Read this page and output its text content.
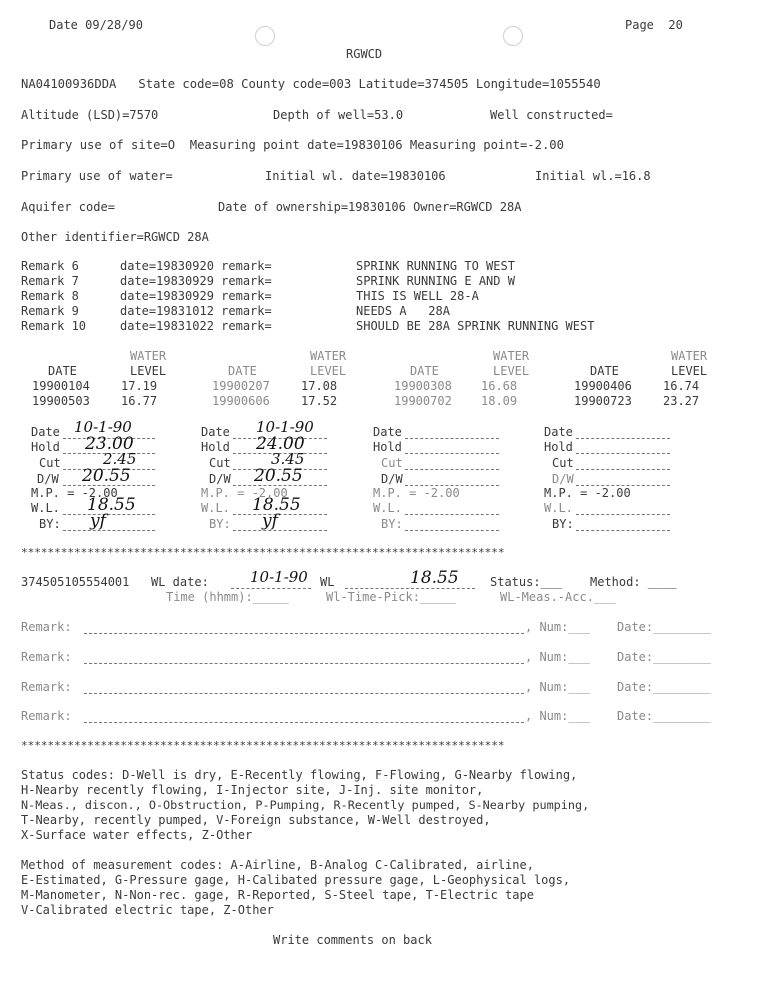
Date 09/28/90	Page  20
RGWCD
NA04100936DDA   State code=08 County code=003 Latitude=374505 Longitude=1055540
Altitude (LSD)=7570	Depth of well=53.0	Well constructed=
Primary use of site=O  Measuring point date=19830106 Measuring point=-2.00
Primary use of water=	Initial wl. date=19830106	Initial wl.=16.8
Aquifer code=	Date of ownership=19830106 Owner=RGWCD 28A
Other identifier=RGWCD 28A
Remark 6	date=19830920 remark=	SPRINK RUNNING TO WEST
Remark 7	date=19830929 remark=	SPRINK RUNNING E AND W
Remark 8	date=19830929 remark=	THIS IS WELL 28-A
Remark 9	date=19831012 remark=	NEEDS A   28A
Remark 10	date=19831022 remark=	SHOULD BE 28A SPRINK RUNNING WEST
WATER	WATER	WATER	WATER
DATE	LEVEL	DATE	LEVEL	DATE	LEVEL	DATE	LEVEL
19900104	17.19	19900207	17.08	19900308 16.68	19900406	16.74
19900503	16.77	19900606	17.52	19900702 18.09	19900723	23.27
Date 10-1-90
Hold 23.00
Cut	2.45
D/W 20.55
M.P. = -2.00
W.L. 18.55
BY: yf
Date 10-1-90
Hold 24.00
Cut	3.45
D/W 20.55
M.P. = -2.00
W.L. 18.55
BY: yf
Date
Hold
Cut
D/W
M.P. = -2.00
W.L.
BY:
Date
Hold
Cut
D/W
M.P. = -2.00
W.L.
BY:
*************************************************************************
374505105554001 WL date:	10-1-90 WL	18.55	Status:___ Method: ____
Time (hhmm):_____	Wl-Time-Pick:_____	WL-Meas.-Acc.___
Remark:	, Num:___ Date:________
Remark:	, Num:___ Date:________
Remark:	, Num:___ Date:________
Remark:	, Num:___ Date:________
*************************************************************************
Status codes: D-Well is dry, E-Recently flowing, F-Flowing, G-Nearby flowing,
H-Nearby recently flowing, I-Injector site, J-Inj. site monitor,
N-Meas., discon., O-Obstruction, P-Pumping, R-Recently pumped, S-Nearby pumping,
T-Nearby, recently pumped, V-Foreign substance, W-Well destroyed,
X-Surface water effects, Z-Other
Method of measurement codes: A-Airline, B-Analog C-Calibrated, airline,
E-Estimated, G-Pressure gage, H-Calibated pressure gage, L-Geophysical logs,
M-Manometer, N-Non-rec. gage, R-Reported, S-Steel tape, T-Electric tape
V-Calibrated electric tape, Z-Other
Write comments on back
